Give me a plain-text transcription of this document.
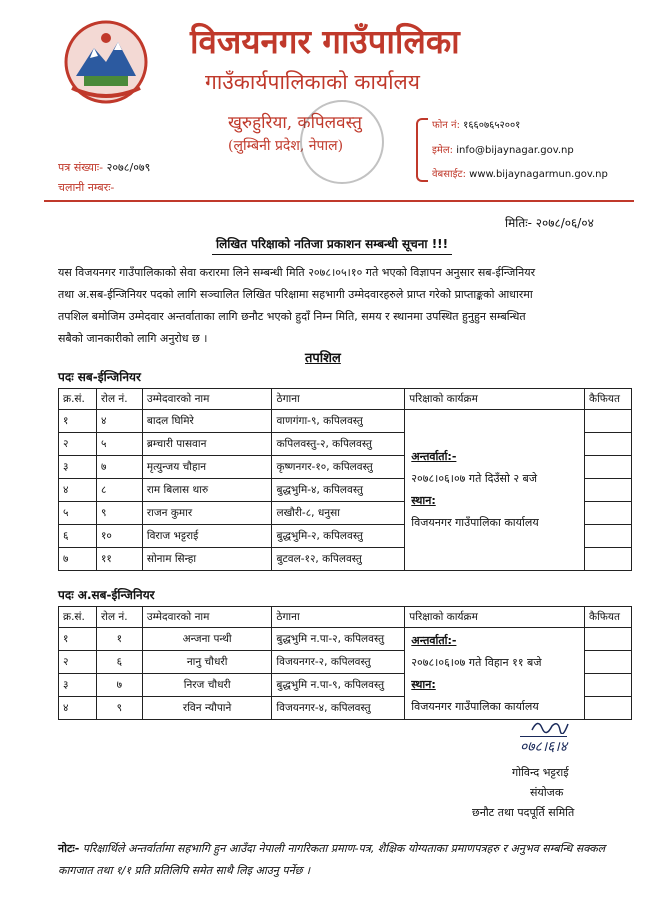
विजयनगर गाउँपालिका
गाउँकार्यपालिकाको कार्यालय
खुरुहुरिया, कपिलवस्तु
(लुम्बिनी प्रदेश, नेपाल)
फोन नं: १६६०७६५२००१
इमेल: info@bijaynagar.gov.np
वेबसाईट: www.bijaynagarmun.gov.np
पत्र संख्याः- २०७८/०७९
चलानी नम्बरः-
मितिः- २०७८/०६/०४
लिखित परिक्षाको नतिजा प्रकाशन सम्बन्धी सूचना !!!
यस विजयनगर गाउँपालिकाको सेवा करारमा लिने सम्बन्धी मिति २०७८।०५।१० गते भएको विज्ञापन अनुसार सब-ईन्जिनियर
तथा अ.सब-ईन्जिनियर पदको लागि सञ्चालित लिखित परिक्षामा सहभागी उम्मेदवारहरुले प्राप्त गरेको प्राप्ताङ्कको आधारमा
तपशिल बमोजिम उम्मेदवार अन्तर्वाताका लागि छनौट भएको हुदाँ निम्न मिति, समय र स्थानमा उपस्थित हुनुहुन सम्बन्धित
सबैको जानकारीको लागि अनुरोध छ ।
तपशिल
पदः सब-ईन्जिनियर
क्र.सं.	रोल नं.	उम्मेदवारको नाम	ठेगाना	परिक्षाको कार्यक्रम	कैफियत
१	४	बादल घिमिरे	वाणगंगा-९, कपिलवस्तु	अन्तर्वार्ता:-
२०७८।०६।०७ गते दिउँसो २ बजे
स्थान:
विजयनगर गाउँपालिका कार्यालय	

२	५	ब्रम्चारी पासवान	कपिलवस्तु-२, कपिलवस्तु		
३	७	मृत्युन्जय चौहान	कृष्णनगर-१०, कपिलवस्तु		
४	८	राम बिलास थारु	बुद्धभुमि-४, कपिलवस्तु		
५	९	राजन कुमार	लखौरी-८, धनुसा		
६	१०	विराज भट्टराई	बुद्धभुमि-२, कपिलवस्तु		
७	११	सोनाम सिन्हा	बुटवल-१२, कपिलवस्तु		
पदः अ.सब-ईन्जिनियर
क्र.सं.	रोल नं.	उम्मेदवारको नाम	ठेगाना	परिक्षाको कार्यक्रम	कैफियत
१	१	अन्जना पन्थी	बुद्धभुमि न.पा-२, कपिलवस्तु	अन्तर्वार्ता:-
२०७८।०६।०७ गते विहान ११ बजे
स्थान:
विजयनगर गाउँपालिका कार्यालय	

२	६	नानु चौधरी	विजयनगर-२, कपिलवस्तु		
३	७	निरज चौधरी	बुद्धभुमि न.पा-९, कपिलवस्तु		
४	९	रविन न्यौपाने	विजयनगर-४, कपिलवस्तु		
०७८।६।४
गोविन्द भट्टराई
संयोजक
छनौट तथा पदपूर्ति समिति
नोटः- परिक्षार्थिले अन्तर्वार्तामा सहभागि हुन आउँदा नेपाली नागरिकता प्रमाण-पत्र, शैक्षिक योग्यताका प्रमाणपत्रहरु र अनुभव सम्बन्धि सक्कल कागजात तथा १/१ प्रति प्रतिलिपि समेत साथै लिइ आउनु पर्नेछ ।
